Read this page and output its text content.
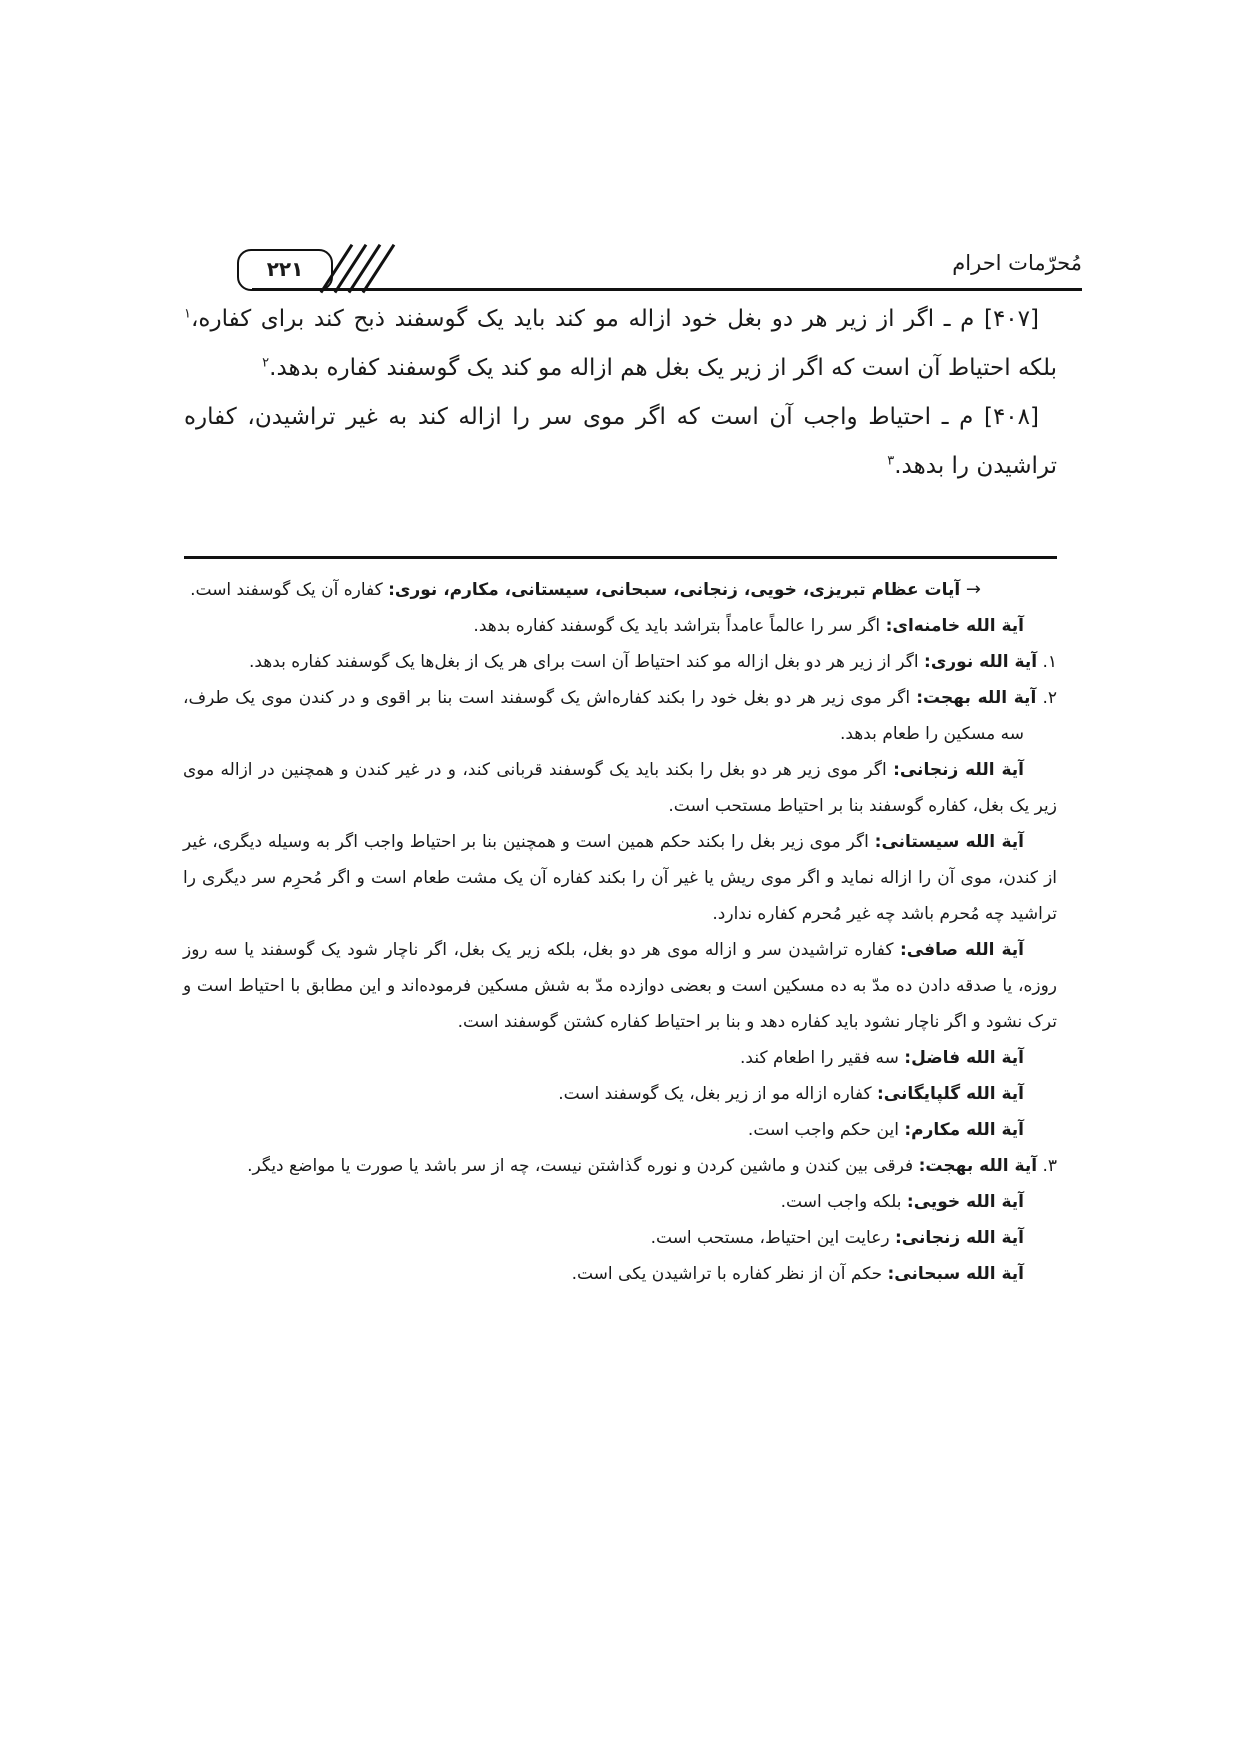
۲۲۱	مُحرّمات احرام

[۴۰۷] م ـ اگر از زیر هر دو بغل خود ازاله مو کند باید یک گوسفند ذبح کند برای کفاره،$^۱$ بلکه احتیاط آن است که اگر از زیر یک بغل هم ازاله مو کند یک گوسفند کفاره بدهد.$^۲$

[۴۰۸] م ـ احتیاط واجب آن است که اگر موی سر را ازاله کند به غیر تراشیدن، کفاره تراشیدن را بدهد.$^۳$

→ آیات عظام تبریزی، خویی، زنجانی، سبحانی، سیستانی، مکارم، نوری: کفاره آن یک گوسفند است.
آیة الله خامنه‌ای: اگر سر را عالماً عامداً بتراشد باید یک گوسفند کفاره بدهد.
۱. آیة الله نوری: اگر از زیر هر دو بغل ازاله مو کند احتیاط آن است برای هر یک از بغل‌ها یک گوسفند کفاره بدهد.
۲. آیة الله بهجت: اگر موی زیر هر دو بغل خود را بکند کفاره‌اش یک گوسفند است بنا بر اقوی و در کندن موی یک طرف، سه مسکین را طعام بدهد.
آیة الله زنجانی: اگر موی زیر هر دو بغل را بکند باید یک گوسفند قربانی کند، و در غیر کندن و همچنین در ازاله موی زیر یک بغل، کفاره گوسفند بنا بر احتیاط مستحب است.
آیة الله سیستانی: اگر موی زیر بغل را بکند حکم همین است و همچنین بنا بر احتیاط واجب اگر به وسیله دیگری، غیر از کندن، موی آن را ازاله نماید و اگر موی ریش یا غیر آن را بکند کفاره آن یک مشت طعام است و اگر مُحرِم سر دیگری را تراشید چه مُحرم باشد چه غیر مُحرم کفاره ندارد.
آیة الله صافی: کفاره تراشیدن سر و ازاله موی هر دو بغل، بلکه زیر یک بغل، اگر ناچار شود یک گوسفند یا سه روز روزه، یا صدقه دادن ده مدّ به ده مسکین است و بعضی دوازده مدّ به شش مسکین فرموده‌اند و این مطابق با احتیاط است و ترک نشود و اگر ناچار نشود باید کفاره دهد و بنا بر احتیاط کفاره کشتن گوسفند است.
آیة الله فاضل: سه فقیر را اطعام کند.
آیة الله گلپایگانی: کفاره ازاله مو از زیر بغل، یک گوسفند است.
آیة الله مکارم: این حکم واجب است.
۳. آیة الله بهجت: فرقی بین کندن و ماشین کردن و نوره گذاشتن نیست، چه از سر باشد یا صورت یا مواضع دیگر.
آیة الله خویی: بلکه واجب است.
آیة الله زنجانی: رعایت این احتیاط، مستحب است.
آیة الله سبحانی: حکم آن از نظر کفاره با تراشیدن یکی است.
